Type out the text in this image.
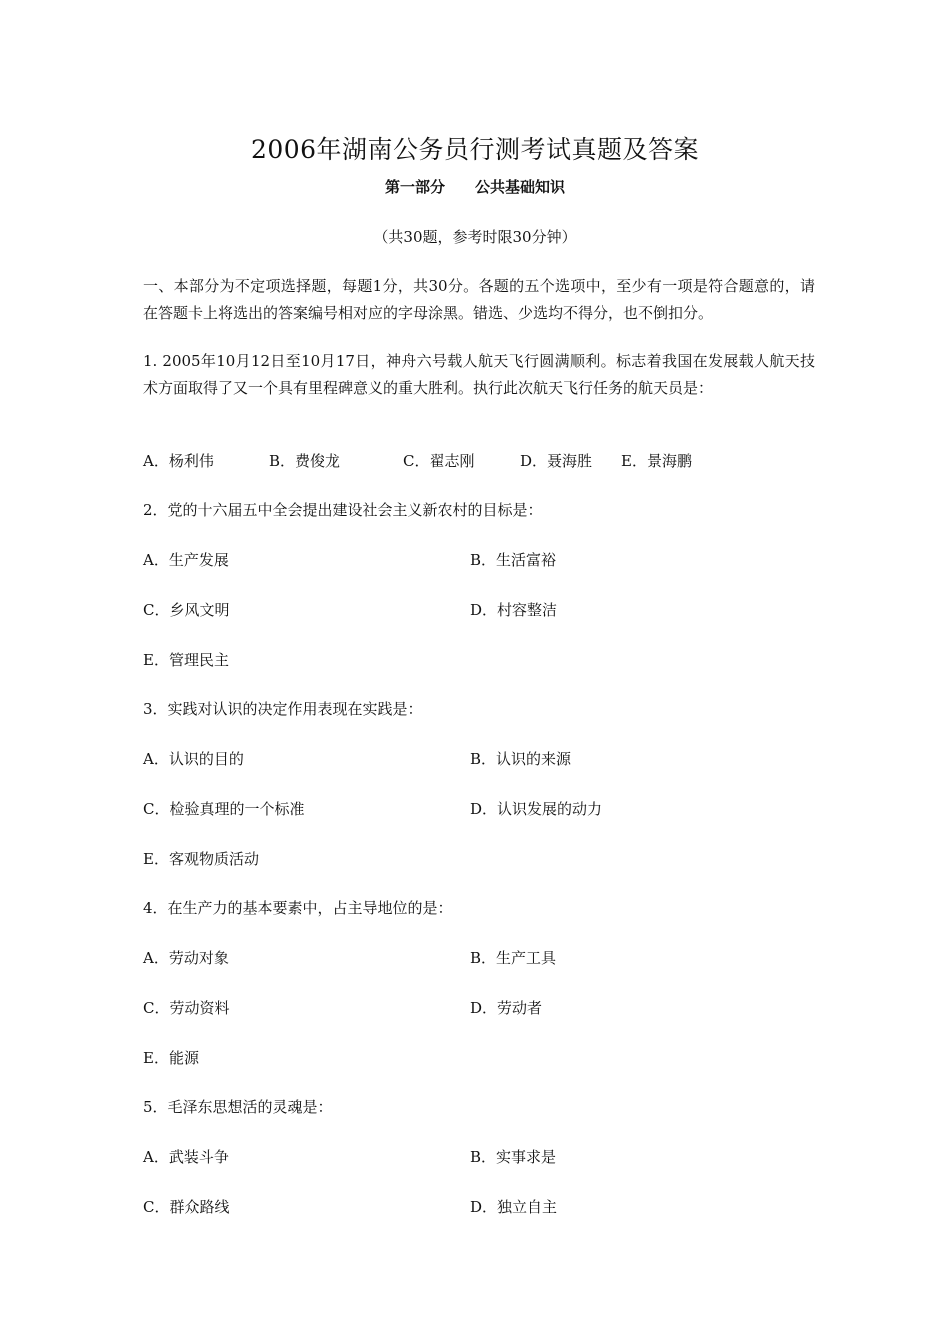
2006年湖南公务员行测考试真题及答案
第一部分 公共基础知识
（共30题，参考时限30分钟）
一、本部分为不定项选择题，每题1分，共30分。各题的五个选项中，至少有一项是符合题意的，请在答题卡上将选出的答案编号相对应的字母涂黑。错选、少选均不得分，也不倒扣分。
1. 2005年10月12日至10月17日，神舟六号载人航天飞行圆满顺利。标志着我国在发展载人航天技术方面取得了又一个具有里程碑意义的重大胜利。执行此次航天飞行任务的航天员是：
A．杨利伟	B．费俊龙	C．翟志刚	D．聂海胜 E．景海鹏
2．党的十六届五中全会提出建设社会主义新农村的目标是：
A．生产发展	B．生活富裕
C．乡风文明	D．村容整洁
E．管理民主
3．实践对认识的决定作用表现在实践是：
A．认识的目的	B．认识的来源
C．检验真理的一个标准	D．认识发展的动力
E．客观物质活动
4．在生产力的基本要素中，占主导地位的是：
A．劳动对象	B．生产工具
C．劳动资料	D．劳动者
E．能源
5．毛泽东思想活的灵魂是：
A．武装斗争	B．实事求是
C．群众路线	D．独立自主
